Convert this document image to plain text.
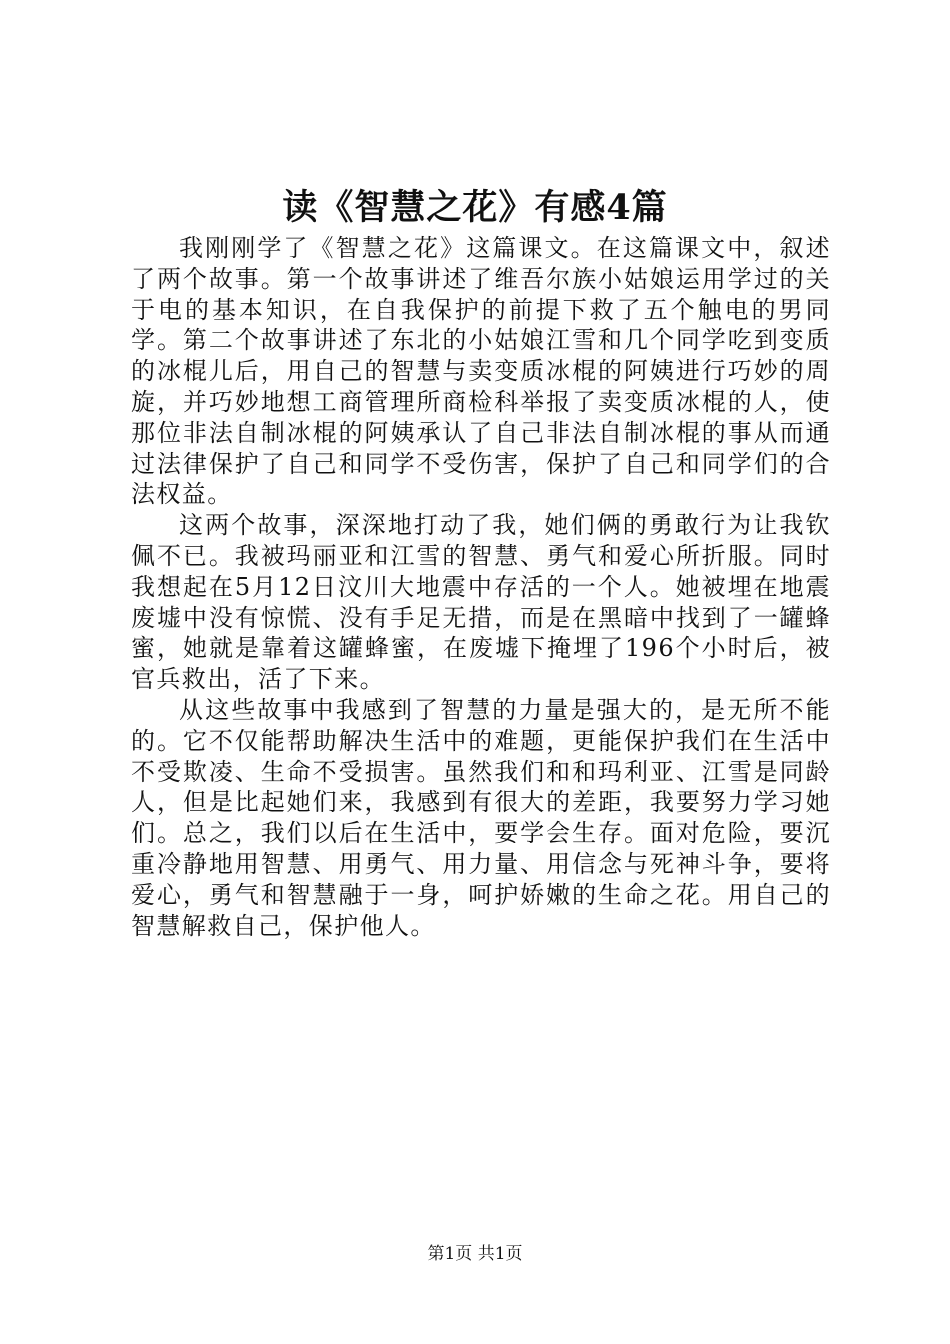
读《智慧之花》有感4篇

我刚刚学了《智慧之花》这篇课文。在这篇课文中，叙述了两个故事。第一个故事讲述了维吾尔族小姑娘运用学过的关于电的基本知识，在自我保护的前提下救了五个触电的男同学。第二个故事讲述了东北的小姑娘江雪和几个同学吃到变质的冰棍儿后，用自己的智慧与卖变质冰棍的阿姨进行巧妙的周旋，并巧妙地想工商管理所商检科举报了卖变质冰棍的人，使那位非法自制冰棍的阿姨承认了自己非法自制冰棍的事从而通过法律保护了自己和同学不受伤害，保护了自己和同学们的合法权益。

这两个故事，深深地打动了我，她们俩的勇敢行为让我钦佩不已。我被玛丽亚和江雪的智慧、勇气和爱心所折服。同时我想起在5月12日汶川大地震中存活的一个人。她被埋在地震废墟中没有惊慌、没有手足无措，而是在黑暗中找到了一罐蜂蜜，她就是靠着这罐蜂蜜，在废墟下掩埋了196个小时后，被官兵救出，活了下来。

从这些故事中我感到了智慧的力量是强大的，是无所不能的。它不仅能帮助解决生活中的难题，更能保护我们在生活中不受欺凌、生命不受损害。虽然我们和和玛利亚、江雪是同龄人，但是比起她们来，我感到有很大的差距，我要努力学习她们。总之，我们以后在生活中，要学会生存。面对危险，要沉重冷静地用智慧、用勇气、用力量、用信念与死神斗争，要将爱心，勇气和智慧融于一身，呵护娇嫩的生命之花。用自己的智慧解救自己，保护他人。

第1页 共1页
